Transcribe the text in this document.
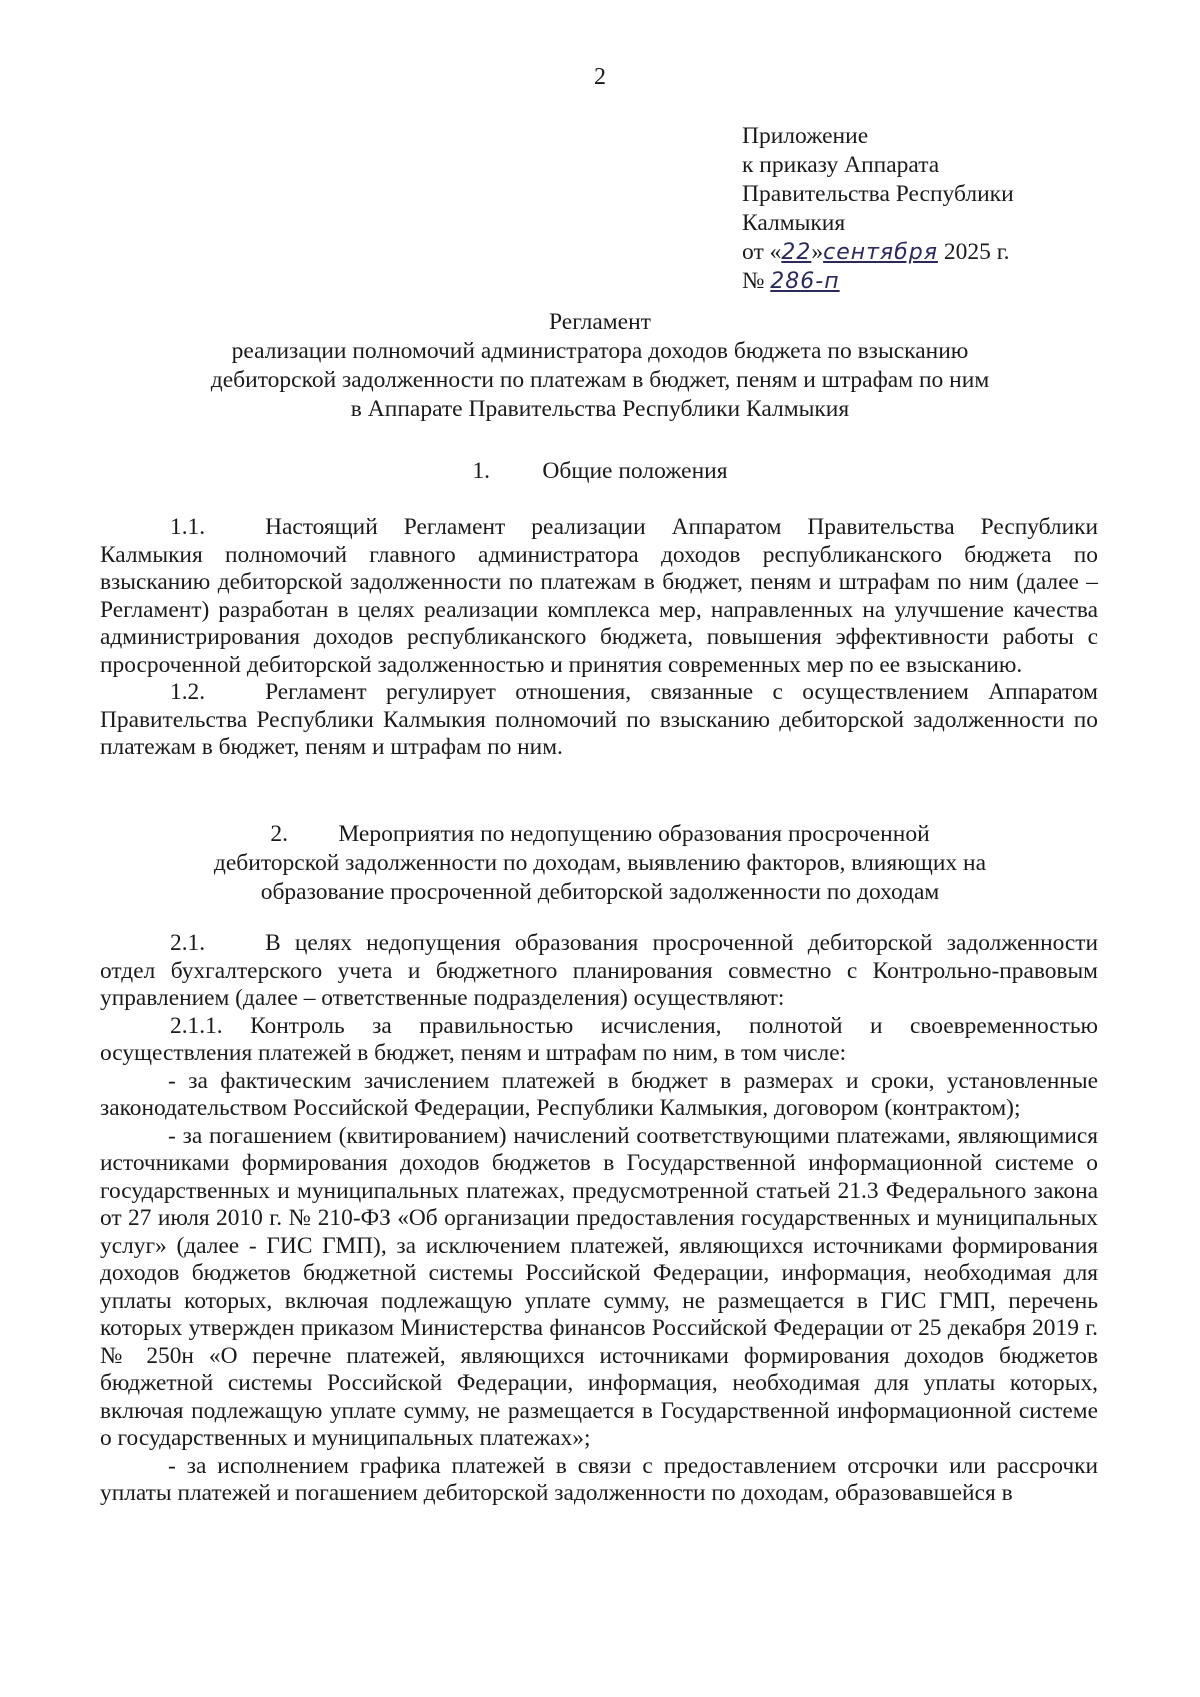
2
Приложение
к приказу Аппарата
Правительства Республики
Калмыкия
от «22»сентября 2025 г.
№ 286-п
Регламент
реализации полномочий администратора доходов бюджета по взысканию
дебиторской задолженности по платежам в бюджет, пеням и штрафам по ним
в Аппарате Правительства Республики Калмыкия
1. Общие положения

1.1.	Настоящий Регламент реализации Аппаратом Правительства Республики Калмыкия полномочий главного администратора доходов республиканского бюджета по взысканию дебиторской задолженности по платежам в бюджет, пеням и штрафам по ним (далее – Регламент) разработан в целях реализации комплекса мер, направленных на улучшение качества администрирования доходов республиканского бюджета, повышения эффективности работы с просроченной дебиторской задолженностью и принятия современных мер по ее взысканию.

1.2.	Регламент регулирует отношения, связанные с осуществлением Аппаратом Правительства Республики Калмыкия полномочий по взысканию дебиторской задолженности по платежам в бюджет, пеням и штрафам по ним.

2. Мероприятия по недопущению образования просроченной
дебиторской задолженности по доходам, выявлению факторов, влияющих на
образование просроченной дебиторской задолженности по доходам

2.1.	В целях недопущения образования просроченной дебиторской задолженности отдел бухгалтерского учета и бюджетного планирования совместно с Контрольно-правовым управлением (далее – ответственные подразделения) осуществляют:

2.1.1. Контроль за правильностью исчисления, полнотой и своевременностью осуществления платежей в бюджет, пеням и штрафам по ним, в том числе:

- за фактическим зачислением платежей в бюджет в размерах и сроки, установленные законодательством Российской Федерации, Республики Калмыкия, договором (контрактом);

- за погашением (квитированием) начислений соответствующими платежами, являющимися источниками формирования доходов бюджетов в Государственной информационной системе о государственных и муниципальных платежах, предусмотренной статьей 21.3 Федерального закона от 27 июля 2010 г. № 210-ФЗ «Об организации предоставления государственных и муниципальных услуг» (далее - ГИС ГМП), за исключением платежей, являющихся источниками формирования доходов бюджетов бюджетной системы Российской Федерации, информация, необходимая для уплаты которых, включая подлежащую уплате сумму, не размещается в ГИС ГМП, перечень которых утвержден приказом Министерства финансов Российской Федерации от 25 декабря 2019 г. № 250н «О перечне платежей, являющихся источниками формирования доходов бюджетов бюджетной системы Российской Федерации, информация, необходимая для уплаты которых, включая подлежащую уплате сумму, не размещается в Государственной информационной системе о государственных и муниципальных платежах»;

- за исполнением графика платежей в связи с предоставлением отсрочки или рассрочки уплаты платежей и погашением дебиторской задолженности по доходам, образовавшейся в
